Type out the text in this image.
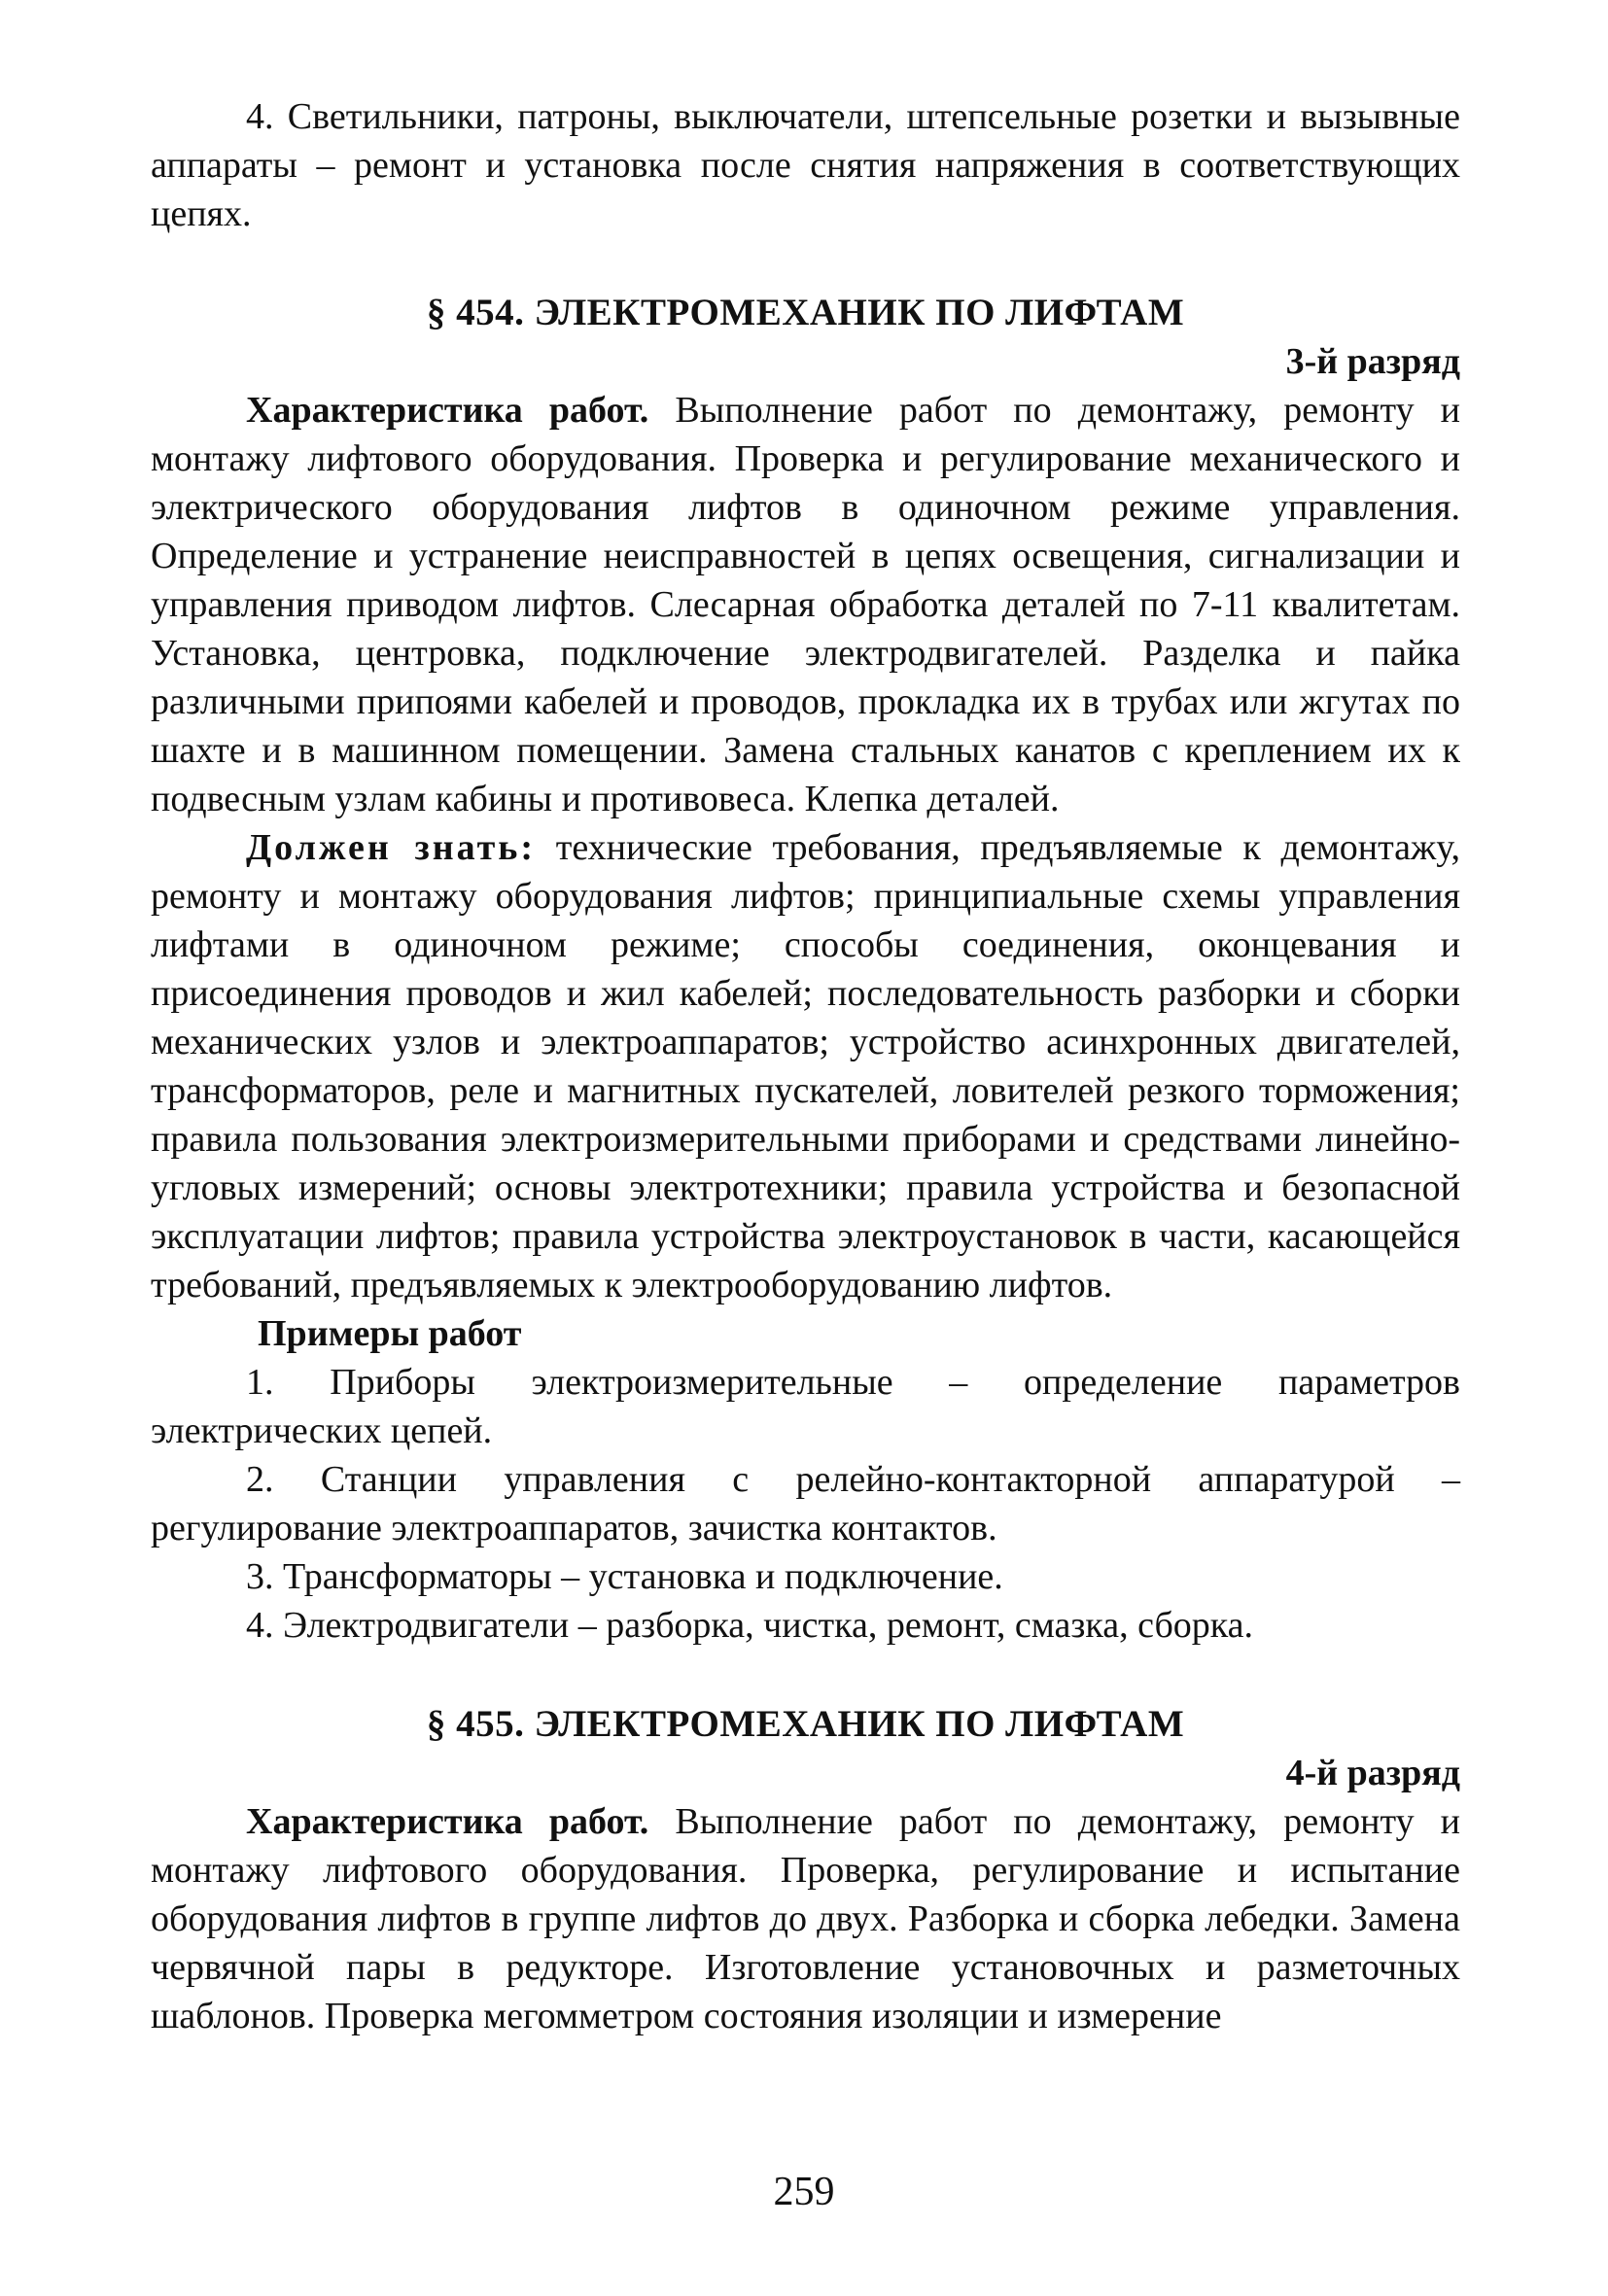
4. Светильники, патроны, выключатели, штепсельные розетки и вызывные аппараты – ремонт и установка после снятия напряжения в соответствующих цепях.

§ 454. ЭЛЕКТРОМЕХАНИК ПО ЛИФТАМ
3-й разряд

Характеристика работ. Выполнение работ по демонтажу, ремонту и монтажу лифтового оборудования. Проверка и регулирование механического и электрического оборудования лифтов в одиночном режиме управления. Определение и устранение неисправностей в цепях освещения, сигнализации и управления приводом лифтов. Слесарная обработка деталей по 7-11 квалитетам. Установка, центровка, подключение электродвигателей. Разделка и пайка различными припоями кабелей и проводов, прокладка их в трубах или жгутах по шахте и в машинном помещении. Замена стальных канатов с креплением их к подвесным узлам кабины и противовеса. Клепка деталей.

Должен знать: технические требования, предъявляемые к демонтажу, ремонту и монтажу оборудования лифтов; принципиальные схемы управления лифтами в одиночном режиме; способы соединения, оконцевания и присоединения проводов и жил кабелей; последовательность разборки и сборки механических узлов и электроаппаратов; устройство асинхронных двигателей, трансформаторов, реле и магнитных пускателей, ловителей резкого торможения; правила пользования электроизмерительными приборами и средствами линейно-угловых измерений; основы электротехники; правила устройства и безопасной эксплуатации лифтов; правила устройства электроустановок в части, касающейся требований, предъявляемых к электрооборудованию лифтов.

Примеры работ

1. Приборы электроизмерительные – определение параметров электрических цепей.

2. Станции управления с релейно-контакторной аппаратурой – регулирование электроаппаратов, зачистка контактов.

3. Трансформаторы – установка и подключение.

4. Электродвигатели – разборка, чистка, ремонт, смазка, сборка.

§ 455. ЭЛЕКТРОМЕХАНИК ПО ЛИФТАМ
4-й разряд

Характеристика работ. Выполнение работ по демонтажу, ремонту и монтажу лифтового оборудования. Проверка, регулирование и испытание оборудования лифтов в группе лифтов до двух. Разборка и сборка лебедки. Замена червячной пары в редукторе. Изготовление установочных и разметочных шаблонов. Проверка мегомметром состояния изоляции и измерение

259
